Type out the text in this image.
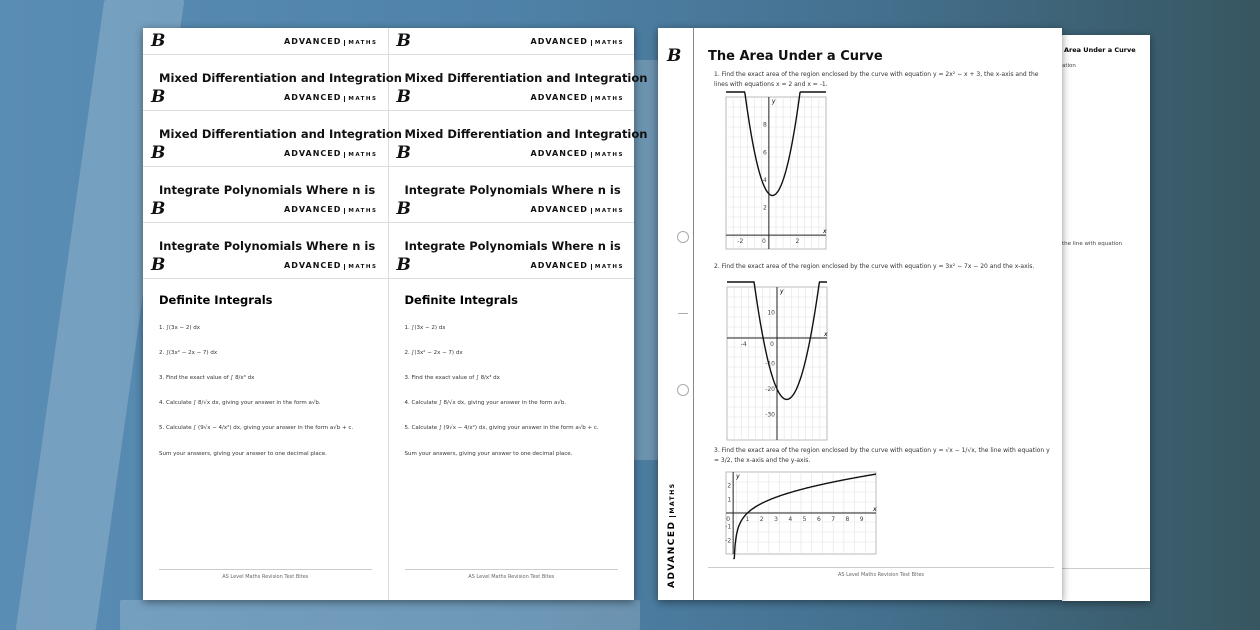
B	ADVANCED MATHS
Mixed Differentiation and Integration
B	ADVANCED MATHS
Mixed Differentiation and Integration
B	ADVANCED MATHS
Integrate Polynomials Where n is
B	ADVANCED MATHS
Integrate Polynomials Where n is
B	ADVANCED MATHS
Definite Integrals
1. ∫(3x − 2) dx
2. ∫(3x² − 2x − 7) dx
3. Find the exact value of ∫ 8/x³ dx
4. Calculate ∫ 8/√x dx, giving your answer in the form a√b.
5. Calculate ∫ (9√x − 4/x²) dx, giving your answer in the form a√b + c.
Sum your answers, giving your answer to one decimal place.
AS Level Maths Revision Test Bites
B	ADVANCED MATHS
Mixed Differentiation and Integration
B	ADVANCED MATHS
Mixed Differentiation and Integration
B	ADVANCED MATHS
Integrate Polynomials Where n is
B	ADVANCED MATHS
Integrate Polynomials Where n is
B	ADVANCED MATHS
Definite Integrals
1. ∫(3x − 2) dx
2. ∫(3x² − 2x − 7) dx
3. Find the exact value of ∫ 8/x³ dx
4. Calculate ∫ 8/√x dx, giving your answer in the form a√b.
5. Calculate ∫ (9√x − 4/x²) dx, giving your answer in the form a√b + c.
Sum your answers, giving your answer to one decimal place.
AS Level Maths Revision Test Bites
Area Under a Curve
ation
the line with equation
B
ADVANCEDMATHS
The Area Under a Curve
1. Find the exact area of the region enclosed by the curve with equation y = 2x² − x + 3, the x-axis and the lines with equations x = 2 and x = -1.
-2	0	2
2
4
6
8
x
y
2. Find the exact area of the region enclosed by the curve with equation y = 3x² − 7x − 20 and the x-axis.
-4	0
10
-10
-20
-30
x
y
3. Find the exact area of the region enclosed by the curve with equation y = √x − 1/√x, the line with equation y = 3/2, the x-axis and the y-axis.
0	1 2 3 4 5 6 7 8 9
2
1
-1
-2
x
y
AS Level Maths Revision Test Bites
